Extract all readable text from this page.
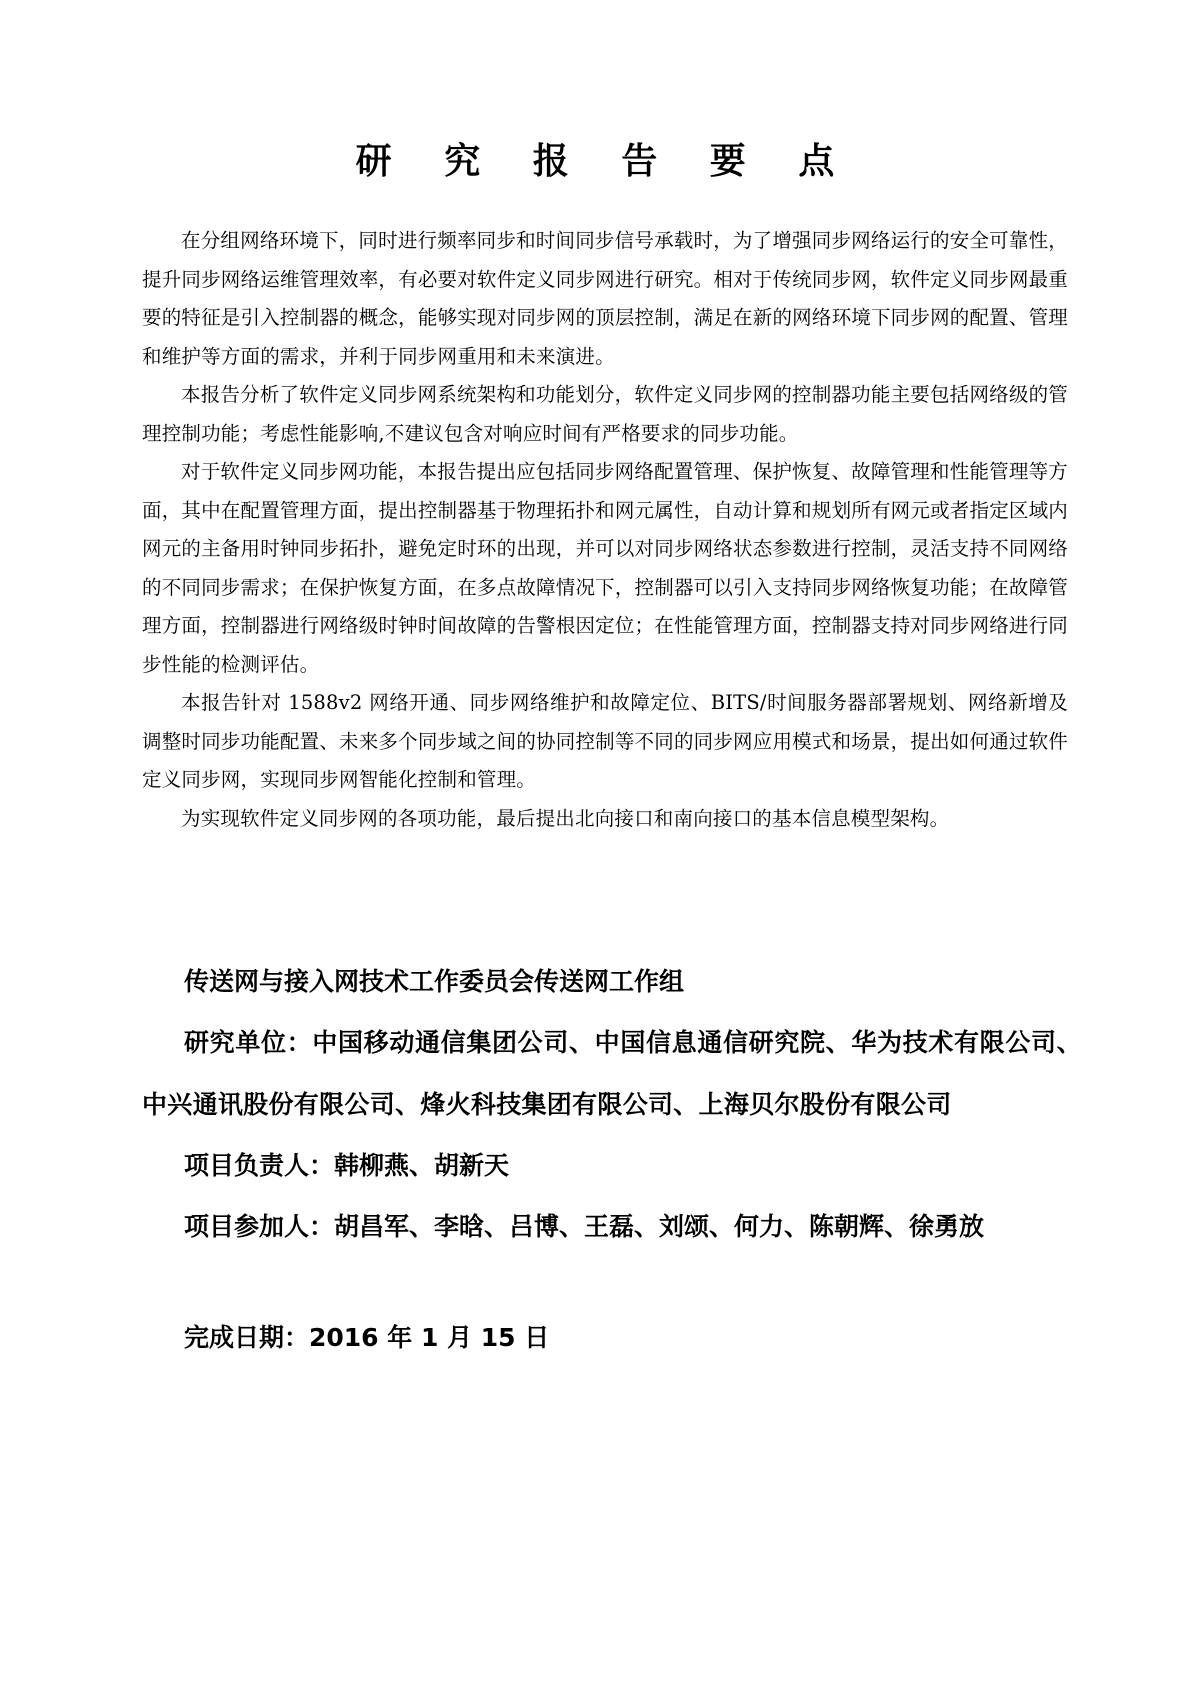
研 究 报 告 要 点

在分组网络环境下，同时进行频率同步和时间同步信号承载时，为了增强同步网络运行的安全可靠性，提升同步网络运维管理效率，有必要对软件定义同步网进行研究。相对于传统同步网，软件定义同步网最重要的特征是引入控制器的概念，能够实现对同步网的顶层控制，满足在新的网络环境下同步网的配置、管理和维护等方面的需求，并利于同步网重用和未来演进。

本报告分析了软件定义同步网系统架构和功能划分，软件定义同步网的控制器功能主要包括网络级的管理控制功能；考虑性能影响,不建议包含对响应时间有严格要求的同步功能。

对于软件定义同步网功能，本报告提出应包括同步网络配置管理、保护恢复、故障管理和性能管理等方面，其中在配置管理方面，提出控制器基于物理拓扑和网元属性，自动计算和规划所有网元或者指定区域内网元的主备用时钟同步拓扑，避免定时环的出现，并可以对同步网络状态参数进行控制，灵活支持不同网络的不同同步需求；在保护恢复方面，在多点故障情况下，控制器可以引入支持同步网络恢复功能；在故障管理方面，控制器进行网络级时钟时间故障的告警根因定位；在性能管理方面，控制器支持对同步网络进行同步性能的检测评估。

本报告针对 1588v2 网络开通、同步网络维护和故障定位、BITS/时间服务器部署规划、网络新增及调整时同步功能配置、未来多个同步域之间的协同控制等不同的同步网应用模式和场景，提出如何通过软件定义同步网，实现同步网智能化控制和管理。

为实现软件定义同步网的各项功能，最后提出北向接口和南向接口的基本信息模型架构。

传送网与接入网技术工作委员会传送网工作组

研究单位：中国移动通信集团公司、中国信息通信研究院、华为技术有限公司、中兴通讯股份有限公司、烽火科技集团有限公司、上海贝尔股份有限公司

项目负责人：韩柳燕、胡新天

项目参加人：胡昌军、李晗、吕博、王磊、刘颂、何力、陈朝辉、徐勇放

完成日期：2016 年 1 月 15 日
